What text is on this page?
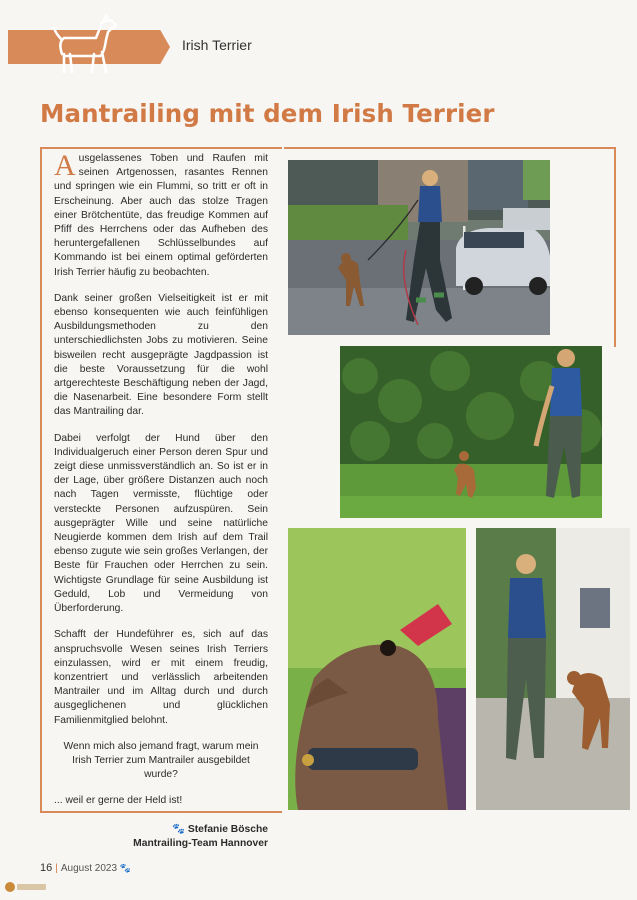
Irish Terrier
Mantrailing mit dem Irish Terrier

Ausgelassenes Toben und Raufen mit seinen Artgenossen, rasantes Rennen und springen wie ein Flummi, so tritt er oft in Erscheinung. Aber auch das stolze Tragen einer Brötchentüte, das freudige Kommen auf Pfiff des Herrchens oder das Aufheben des heruntergefallenen Schlüsselbundes auf Kommando ist bei einem optimal geförderten Irish Terrier häufig zu beobachten.

Dank seiner großen Vielseitigkeit ist er mit ebenso konsequenten wie auch feinfühligen Ausbildungsmethoden zu den unterschiedlichsten Jobs zu motivieren. Seine bisweilen recht ausgeprägte Jagdpassion ist die beste Voraussetzung für die wohl artgerechteste Beschäftigung neben der Jagd, die Nasenarbeit. Eine besondere Form stellt das Mantrailing dar.

Dabei verfolgt der Hund über den Individualgeruch einer Person deren Spur und zeigt diese unmissverständlich an. So ist er in der Lage, über größere Distanzen auch noch nach Tagen vermisste, flüchtige oder versteckte Personen aufzuspüren. Sein ausgeprägter Wille und seine natürliche Neugierde kommen dem Irish auf dem Trail ebenso zugute wie sein großes Verlangen, der Beste für Frauchen oder Herrchen zu sein. Wichtigste Grundlage für seine Ausbildung ist Geduld, Lob und Vermeidung von Überforderung.

Schafft der Hundeführer es, sich auf das anspruchsvolle Wesen seines Irish Terriers einzulassen, wird er mit einem freudig, konzentriert und verlässlich arbeitenden Mantrailer und im Alltag durch und durch ausgeglichenen und glücklichen Familienmitglied belohnt.

Wenn mich also jemand fragt, warum mein Irish Terrier zum Mantrailer ausgebildet wurde?

... weil er gerne der Held ist!

🐾 Stefanie Bösche
Mantrailing-Team Hannover
16 | August 2023 🐾
